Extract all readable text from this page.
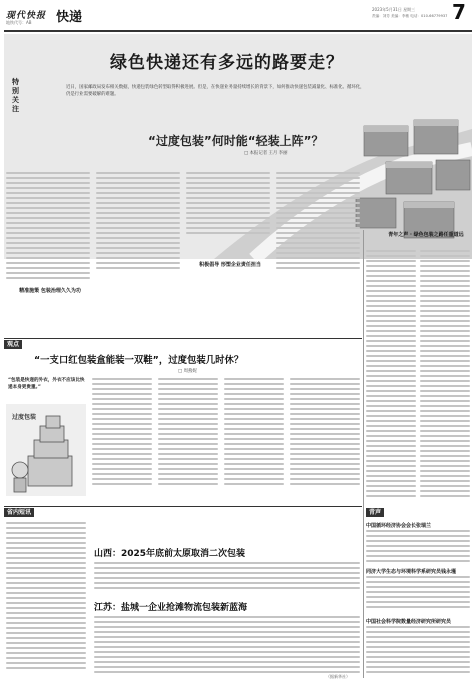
现代快报
地铁代号：AB 快递
2023年5月31日 星期三
责编：刘芳 美编：李敏 电话：010-66779937 7
绿色快递还有多远的路要走？
特别关注
近日，国家邮政局发布相关数据，快递包装绿色转型取得积极进展。但是，在快递业务量持续增长的背景下，如何推动快递包装减量化、标准化、循环化，仍是行业需要破解的难题。
“过度包装”何时能“轻装上阵”？
□ 本报记者 王月 李丽
精准施策 包装治理久久为功
积极倡导 形塑企业责任担当
青年之声 · 绿色包装之路任重道远
观点
“一支口红包装盒能装一双鞋”，过度包装几时休？
□ 周燕妮
“包装是快递的外衣，外衣不应该比快递本身更贵重。”
过度包装
青声
中国循环经济协会会长张瑞兰
同济大学生态与环境科学系研究员钱永瑾
中国社会科学院数量经济研究所研究员
省内短讯
山西：2025年底前太原取消二次包装
江苏：盐城一企业抢滩物流包装新蓝海
（据新华社）
